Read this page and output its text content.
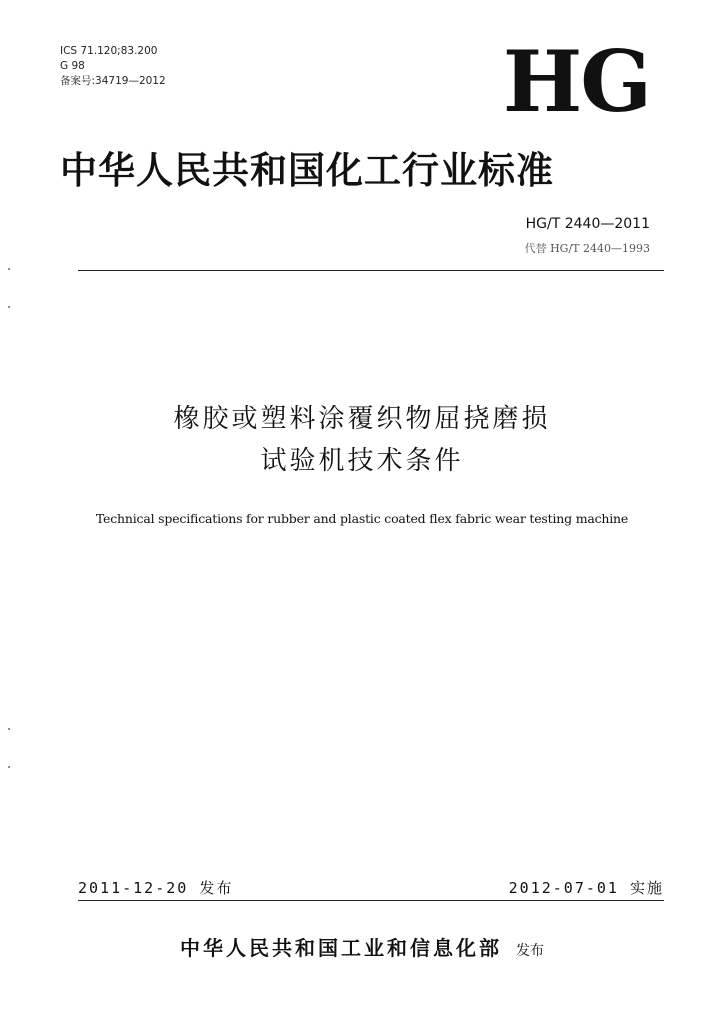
ICS 71.120;83.200
G 98
备案号:34719—2012	HG
中华人民共和国化工行业标准
HG/T 2440—2011
代替 HG/T 2440—1993
橡胶或塑料涂覆织物屈挠磨损
试验机技术条件
Technical specifications for rubber and plastic coated flex fabric wear testing machine
2011-12-20 发布	2012-07-01 实施
中华人民共和国工业和信息化部 发布
